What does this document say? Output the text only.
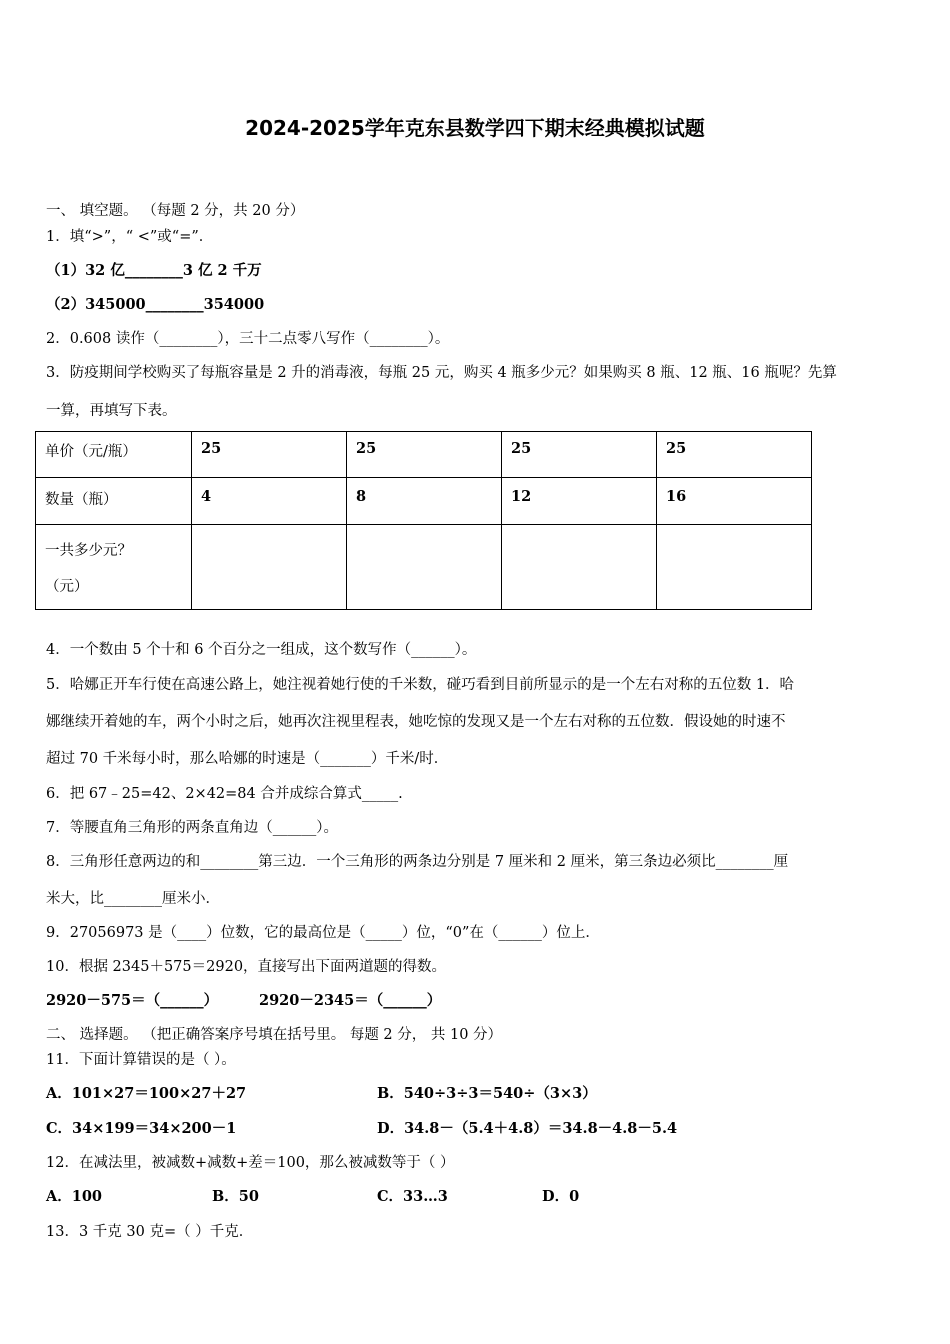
2024-2025学年克东县数学四下期末经典模拟试题
一、 填空题。 （每题 2 分，共 20 分）
1．填“>”，“ <”或“=”．
（1）32 亿________3 亿 2 千万
（2）345000________354000
2．0.608 读作（________），三十二点零八写作（________）。
3．防疫期间学校购买了每瓶容量是 2 升的消毒液，每瓶 25 元，购买 4 瓶多少元？如果购买 8 瓶、12 瓶、16 瓶呢？先算
一算，再填写下表。
单价（元/瓶）	25	25	25	25
数量（瓶）	4	8	12	16

一共多少元？
（元）				

4．一个数由 5 个十和 6 个百分之一组成，这个数写作（______）。
5．哈娜正开车行使在高速公路上，她注视着她行使的千米数，碰巧看到目前所显示的是一个左右对称的五位数 1．哈
娜继续开着她的车，两个小时之后，她再次注视里程表，她吃惊的发现又是一个左右对称的五位数．假设她的时速不
超过 70 千米每小时，那么哈娜的时速是（_______）千米/时．
6．把 67﹣25=42、2×42=84 合并成综合算式_____.
7．等腰直角三角形的两条直角边（______）。
8．三角形任意两边的和________第三边．一个三角形的两条边分别是 7 厘米和 2 厘米，第三条边必须比________厘
米大，比________厘米小．
9．27056973 是（____）位数，它的最高位是（_____）位，“0”在（______）位上．
10．根据 2345＋575＝2920，直接写出下面两道题的得数。
2920－575＝（______）	2920－2345＝（______）
二、 选择题。 （把正确答案序号填在括号里。 每题 2 分， 共 10 分）
11．下面计算错误的是（ ）。
A．101×27＝100×27＋27	B．540÷3÷3＝540÷（3×3）
C．34×199＝34×200－1	D．34.8－（5.4＋4.8）＝34.8－4.8－5.4
12．在减法里，被减数+减数+差＝100，那么被减数等于（ ）
A．100	B．50	C．33…3	D．0
13．3 千克 30 克=（ ）千克．
